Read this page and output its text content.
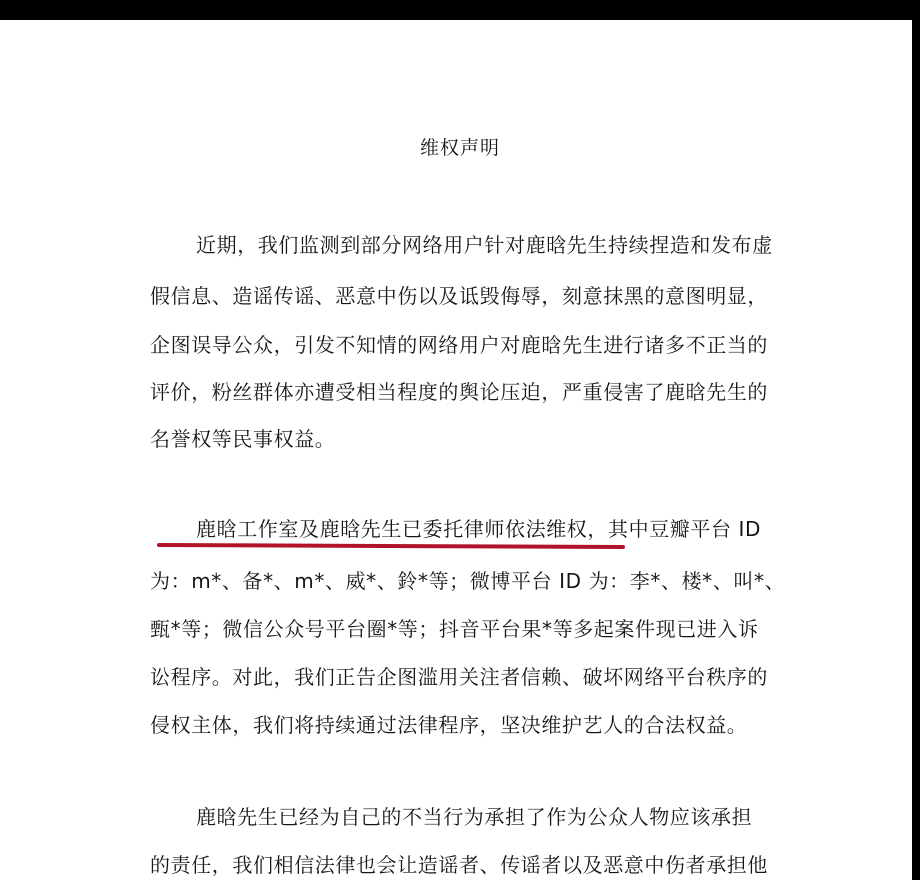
维权声明
近期，我们监测到部分网络用户针对鹿晗先生持续捏造和发布虚
假信息、造谣传谣、恶意中伤以及诋毁侮辱，刻意抹黑的意图明显，
企图误导公众，引发不知情的网络用户对鹿晗先生进行诸多不正当的
评价，粉丝群体亦遭受相当程度的舆论压迫，严重侵害了鹿晗先生的
名誉权等民事权益。
鹿晗工作室及鹿晗先生已委托律师依法维权，其中豆瓣平台 ID
为：m*、备*、m*、威*、鈴*等；微博平台 ID 为：李*、楼*、叫*、
甄*等；微信公众号平台圈*等；抖音平台果*等多起案件现已进入诉
讼程序。对此，我们正告企图滥用关注者信赖、破坏网络平台秩序的
侵权主体，我们将持续通过法律程序，坚决维护艺人的合法权益。
鹿晗先生已经为自己的不当行为承担了作为公众人物应该承担
的责任，我们相信法律也会让造谣者、传谣者以及恶意中伤者承担他
